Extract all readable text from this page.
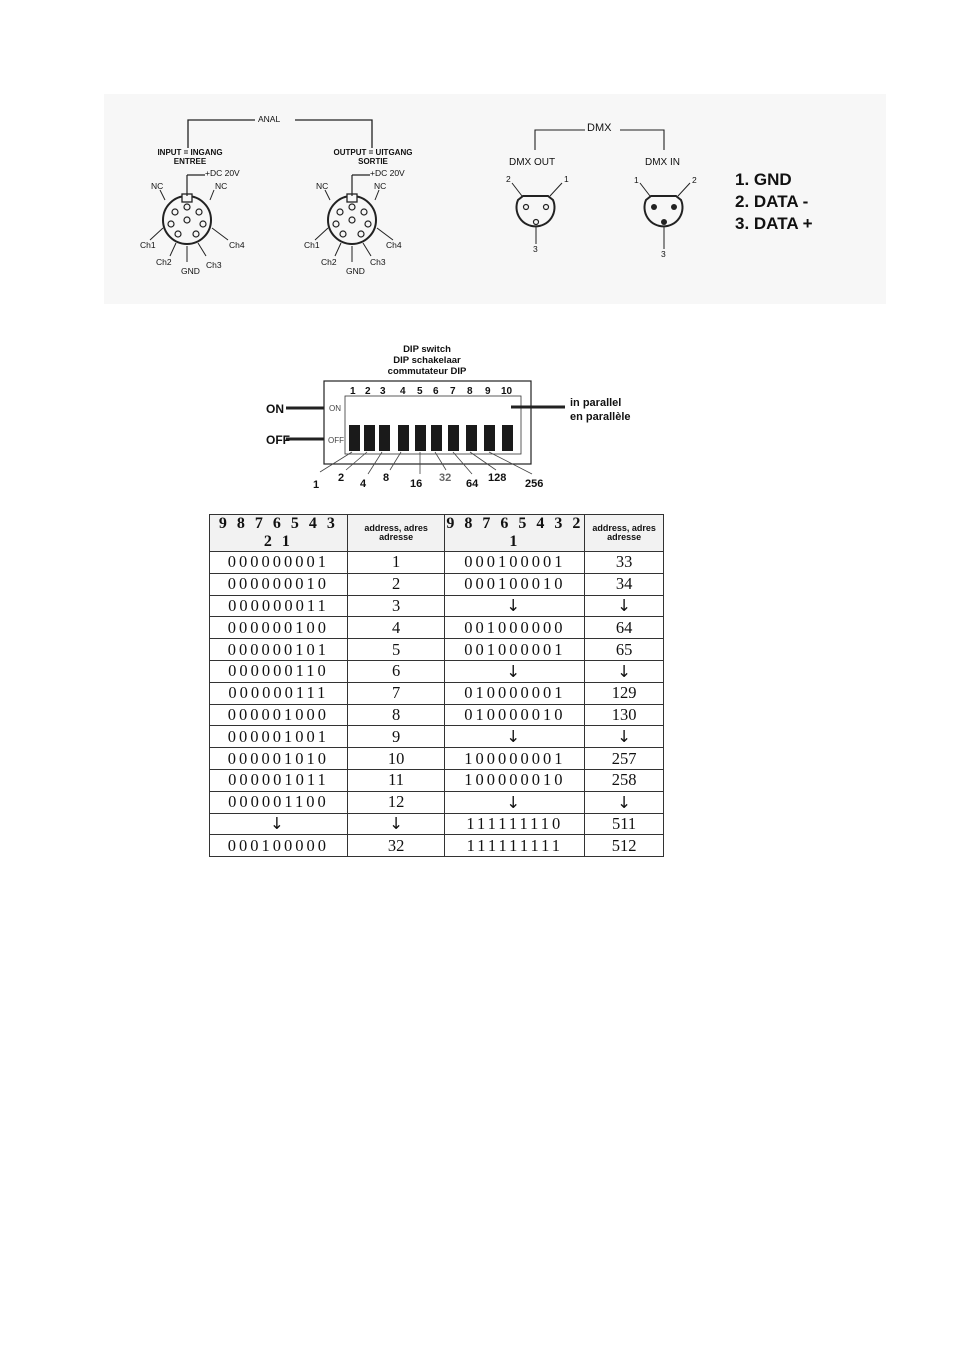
ANAL
INPUT = INGANG
ENTREE
OUTPUT = UITGANG
SORTIE
+DC 20V
NC	NC
Ch1	Ch4
Ch2	Ch3
GND
+DC 20V
NC	NC
Ch1	Ch4
Ch2	Ch3
GND
DMX
DMX OUT	DMX IN
2	1
3
1	2
3
1. GND
2. DATA -
3. DATA +
DIP switch
DIP schakelaar
commutateur DIP
1 2 3 4 5 6 7 8 9 10
ON
OFF
ON
OFF
in parallel
en parallèle
1
2 4 8 16 32 64 128 256
9 8 7 6 5 4 3 2 1	address, adres adresse	9 8 7 6 5 4 3 2 1	address, adres adresse
000000001	1	000100001	33
000000010	2	000100010	34
000000011	3	↓	↓
000000100	4	001000000	64
000000101	5	001000001	65
000000110	6	↓	↓
000000111	7	010000001	129
000001000	8	010000010	130
000001001	9	↓	↓
000001010	10	100000001	257
000001011	11	100000010	258
000001100	12	↓	↓
↓	↓	111111110	511
000100000	32	111111111	512
